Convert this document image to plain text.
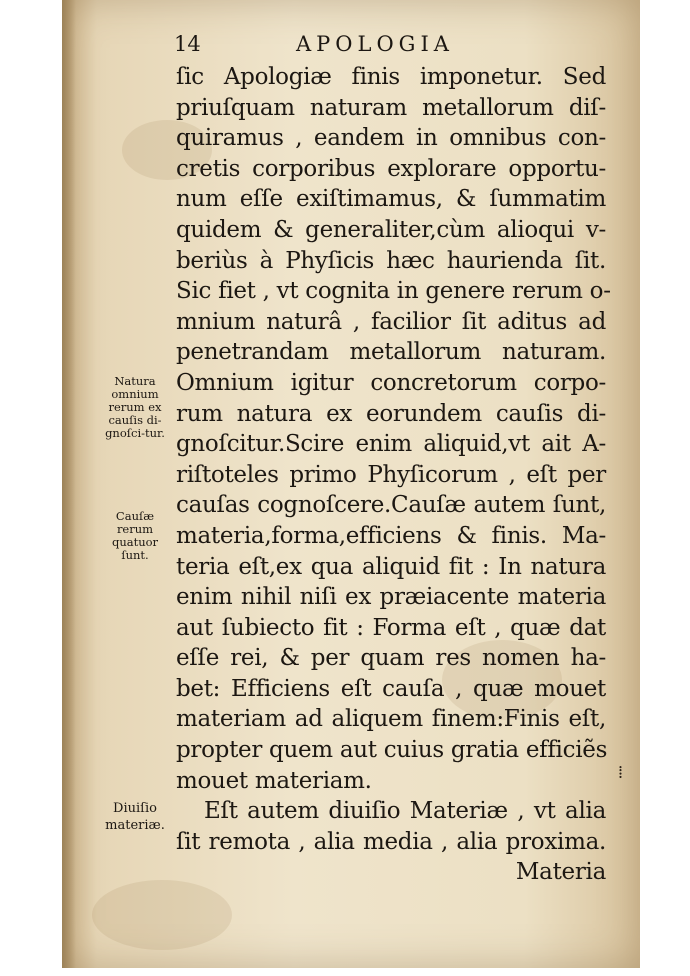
14	APOLOGIA
ſic Apologiæ finis imponetur. Sed
priuſquam naturam metallorum diſ-
quiramus , eandem in omnibus con-
cretis corporibus explorare opportu-
num eſſe exiſtimamus, & ſummatim
quidem & generaliter,cùm alioqui v-
beriùs à Phyſicis hæc haurienda ſit.
Sic fiet , vt cognita in genere rerum o-
mnium naturâ , facilior ſit aditus ad
penetrandam metallorum naturam.
Omnium igitur concretorum corpo-
rum natura ex eorundem cauſis di-
gnoſcitur.Scire enim aliquid,vt ait A-
riſtoteles primo Phyſicorum , eſt per
cauſas cognoſcere.Cauſæ autem ſunt,
materia,forma,efficiens & finis. Ma-
teria eſt,ex qua aliquid fit : In natura
enim nihil niſi ex præiacente materia
aut ſubiecto fit : Forma eſt , quæ dat
eſſe rei, & per quam res nomen ha-
bet: Efficiens eſt cauſa , quæ mouet
materiam ad aliquem finem:Finis eſt,
propter quem aut cuius gratia efficiẽs
mouet materiam.
Eſt autem diuiſio Materiæ , vt alia
ſit remota , alia media , alia proxima.
Materia
Natura omnium rerum ex cauſis di-gnoſci-tur.
Cauſæ rerum quatuor ſunt.
Diuiſio materiæ.
⁞
